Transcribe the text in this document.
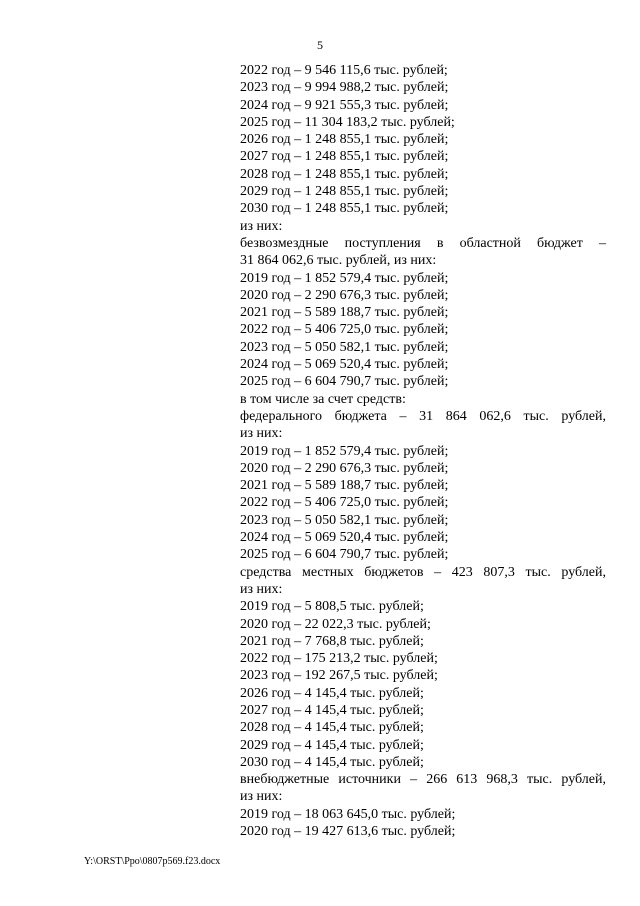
5
2022 год – 9 546 115,6 тыс. рублей;
2023 год – 9 994 988,2 тыс. рублей;
2024 год – 9 921 555,3 тыс. рублей;
2025 год – 11 304 183,2 тыс. рублей;
2026 год – 1 248 855,1 тыс. рублей;
2027 год – 1 248 855,1 тыс. рублей;
2028 год – 1 248 855,1 тыс. рублей;
2029 год – 1 248 855,1 тыс. рублей;
2030 год – 1 248 855,1 тыс. рублей;
из них:
безвозмездные поступления в областной бюджет –
31 864 062,6 тыс. рублей, из них:
2019 год – 1 852 579,4 тыс. рублей;
2020 год – 2 290 676,3 тыс. рублей;
2021 год – 5 589 188,7 тыс. рублей;
2022 год – 5 406 725,0 тыс. рублей;
2023 год – 5 050 582,1 тыс. рублей;
2024 год – 5 069 520,4 тыс. рублей;
2025 год – 6 604 790,7 тыс. рублей;
в том числе за счет средств:
федерального бюджета – 31 864 062,6 тыс. рублей,
из них:
2019 год – 1 852 579,4 тыс. рублей;
2020 год – 2 290 676,3 тыс. рублей;
2021 год – 5 589 188,7 тыс. рублей;
2022 год – 5 406 725,0 тыс. рублей;
2023 год – 5 050 582,1 тыс. рублей;
2024 год – 5 069 520,4 тыс. рублей;
2025 год – 6 604 790,7 тыс. рублей;
средства местных бюджетов – 423 807,3 тыс. рублей,
из них:
2019 год – 5 808,5 тыс. рублей;
2020 год – 22 022,3 тыс. рублей;
2021 год – 7 768,8 тыс. рублей;
2022 год – 175 213,2 тыс. рублей;
2023 год – 192 267,5 тыс. рублей;
2026 год – 4 145,4 тыс. рублей;
2027 год – 4 145,4 тыс. рублей;
2028 год – 4 145,4 тыс. рублей;
2029 год – 4 145,4 тыс. рублей;
2030 год – 4 145,4 тыс. рублей;
внебюджетные источники – 266 613 968,3 тыс. рублей,
из них:
2019 год – 18 063 645,0 тыс. рублей;
2020 год – 19 427 613,6 тыс. рублей;
Y:\ORST\Ppo\0807p569.f23.docx
